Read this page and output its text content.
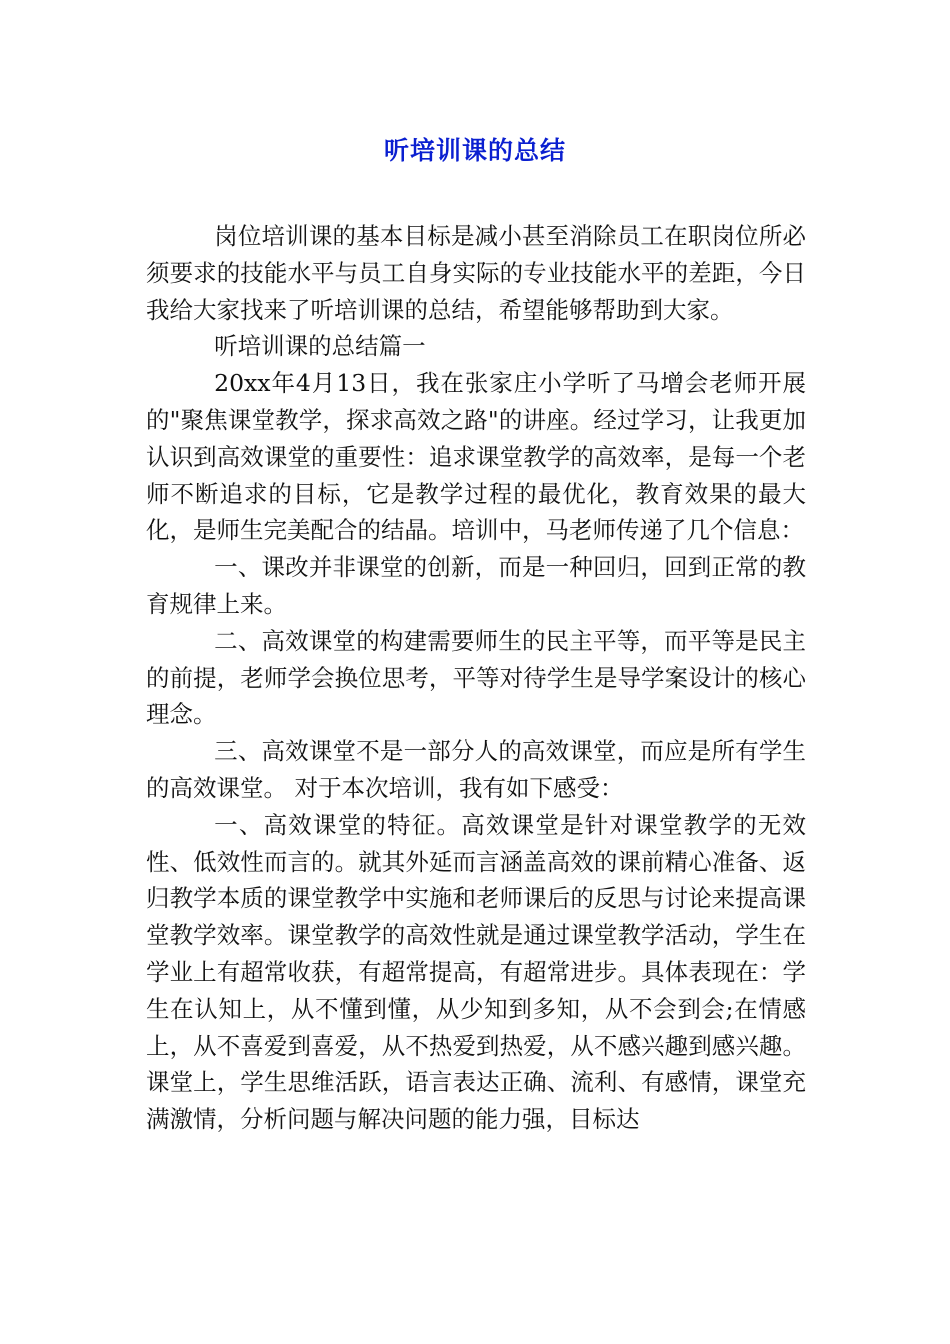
听培训课的总结

岗位培训课的基本目标是减小甚至消除员工在职岗位所必须要求的技能水平与员工自身实际的专业技能水平的差距，今日我给大家找来了听培训课的总结，希望能够帮助到大家。

听培训课的总结篇一

20xx年4月13日，我在张家庄小学听了马增会老师开展的"聚焦课堂教学，探求高效之路"的讲座。经过学习，让我更加认识到高效课堂的重要性：追求课堂教学的高效率，是每一个老师不断追求的目标，它是教学过程的最优化，教育效果的最大化，是师生完美配合的结晶。培训中，马老师传递了几个信息：

一、课改并非课堂的创新，而是一种回归，回到正常的教育规律上来。

二、高效课堂的构建需要师生的民主平等，而平等是民主的前提，老师学会换位思考，平等对待学生是导学案设计的核心理念。

三、高效课堂不是一部分人的高效课堂，而应是所有学生的高效课堂。 对于本次培训，我有如下感受：

一、高效课堂的特征。高效课堂是针对课堂教学的无效性、低效性而言的。就其外延而言涵盖高效的课前精心准备、返归教学本质的课堂教学中实施和老师课后的反思与讨论来提高课堂教学效率。课堂教学的高效性就是通过课堂教学活动，学生在学业上有超常收获，有超常提高，有超常进步。具体表现在：学生在认知上，从不懂到懂，从少知到多知，从不会到会;在情感上，从不喜爱到喜爱，从不热爱到热爱，从不感兴趣到感兴趣。课堂上，学生思维活跃，语言表达正确、流利、有感情，课堂充满激情，分析问题与解决问题的能力强，目标达
